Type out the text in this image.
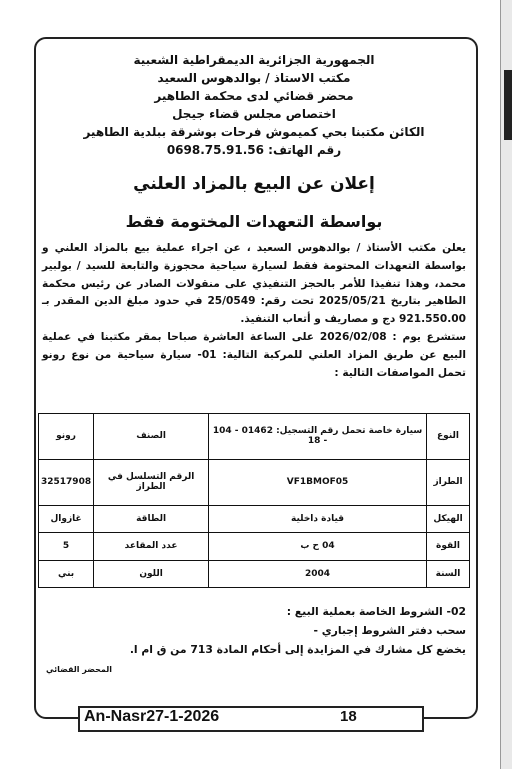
الجمهورية الجزائرية الديمقراطية الشعبية
مكتب الاستاذ / بوالدهوس السعيد
محضر قضائي لدى محكمة الطاهير
اختصاص مجلس قضاء جيجل
الكائن مكتبنا بحي كميموش فرحات بوشرقة ببلدية الطاهير
رقم الهاتف: 0698.75.91.56
إعلان عن البيع بالمزاد العلني
بواسطة التعهدات المختومة فقط

يعلن مكتب الأستاذ / بوالدهوس السعيد ، عن اجراء عملية بيع بالمزاد العلني و بواسطة التعهدات المحتومة فقط لسيارة سياحية محجوزة والتابعة للسيد / بولبير محمد، وهذا تنفيذا للأمر بالحجز التنفيذي على منقولات الصادر عن رئيس محكمة الطاهير بتاريخ 2025/05/21 تحت رقم: 25/0549 في حدود مبلغ الدين المقدر بـ 921.550.00 دج و مصاريف و أتعاب التنفيذ.

ستشرع يوم : 2026/02/08 على الساعة العاشرة صباحا بمقر مكتبنا في عملية البيع عن طريق المزاد العلني للمركبة التالية: 01- سيارة سياحية من نوع رونو تحمل المواصفات التالية :

النوع	سيارة خاصة تحمل رقم التسجيل: 01462 - 104 - 18	الصنف	رونو
الطراز	VF1BMOF05	الرقم التسلسل في الطراز	32517908
الهيكل	قيادة داخلية	الطاقة	غازوال
القوة	04 ح ب	عدد المقاعد	5
السنة	2004	اللون	بني

02- الشروط الخاصة بعملية البيع :

سحب دفتر الشروط إجباري -

يخضع كل مشارك في المزايدة إلى أحكام المادة 713 من ق ام ا.

المحضر القضائي
An-Nasr27-1-2026	18
